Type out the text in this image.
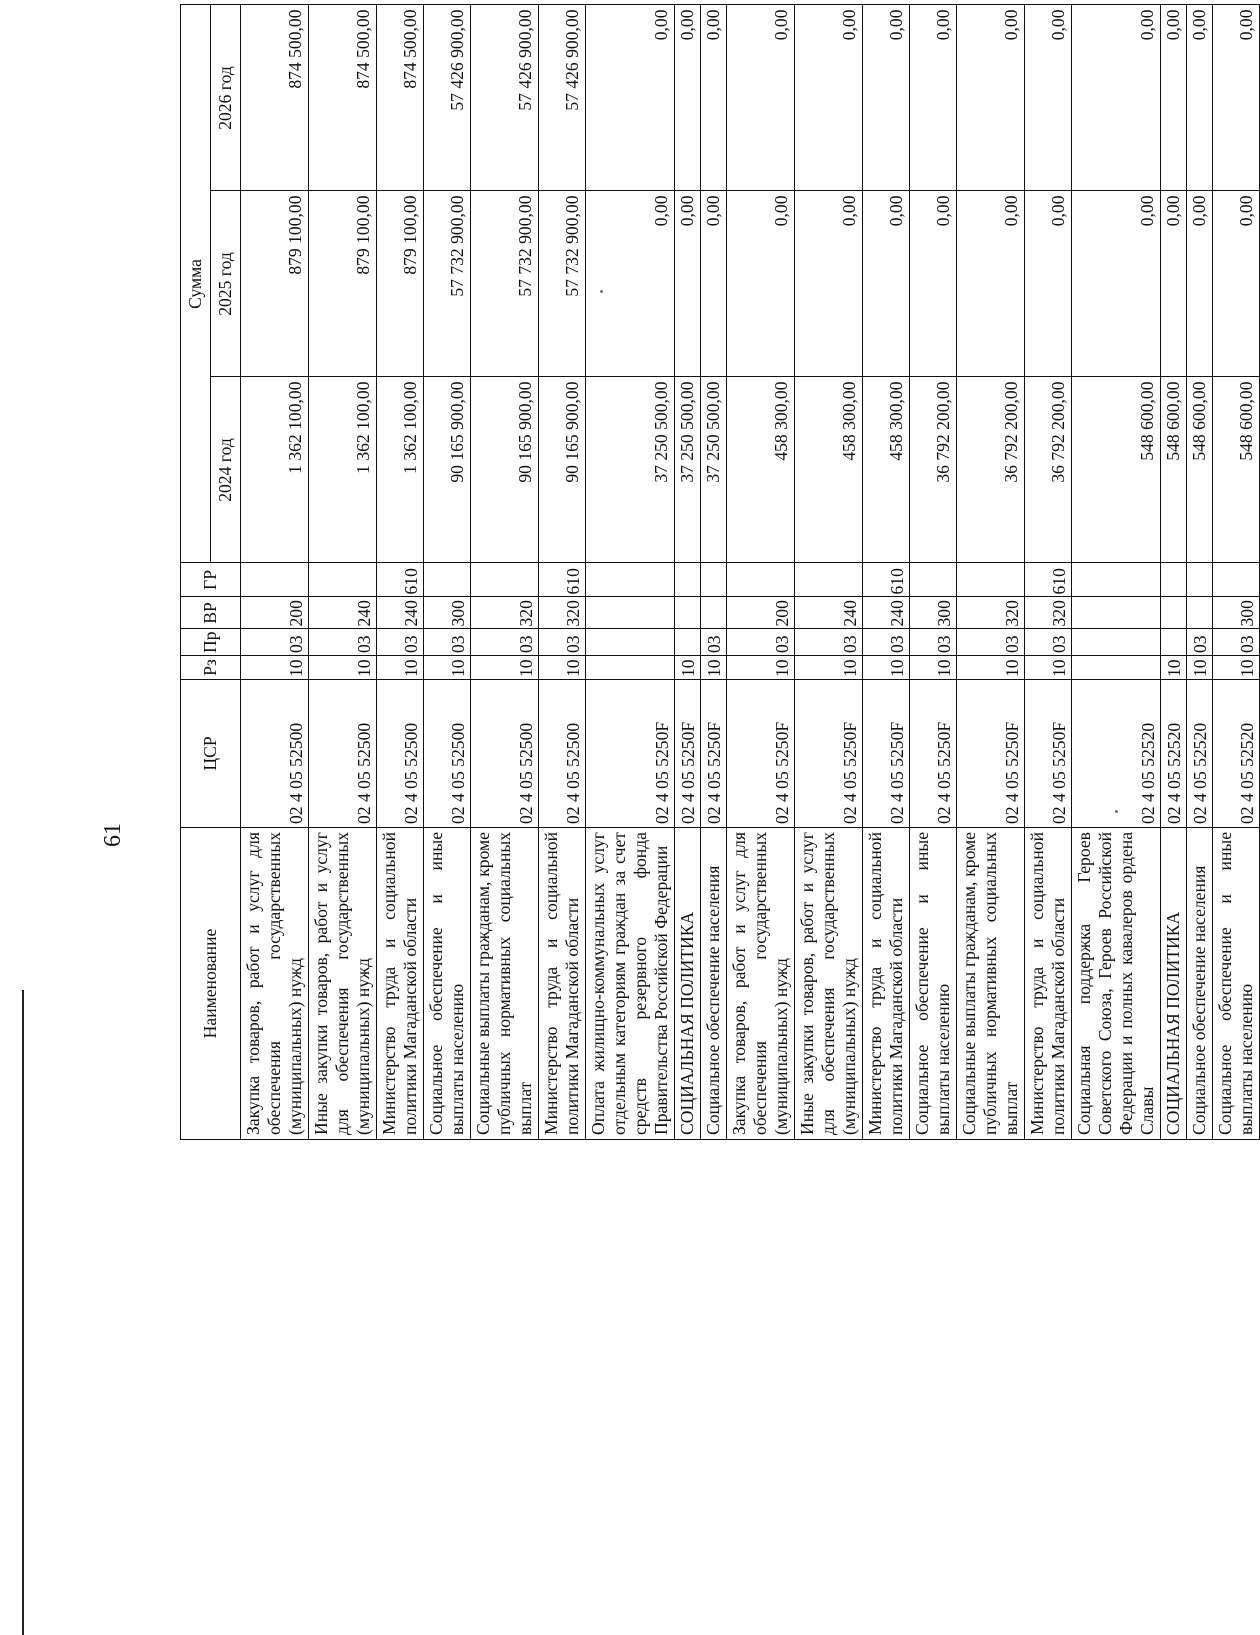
61
Наименование	ЦСР	Рз	Пр	ВР	ГР	Сумма		
						2024 год	2025 год	2026 год
Закупка товаров, работ и услуг для обеспечения государственных (муниципальных) нужд	02 4 05 52500	10	03	200		1 362 100,00	879 100,00	874 500,00
Иные закупки товаров, работ и услуг для обеспечения государственных (муниципальных) нужд	02 4 05 52500	10	03	240		1 362 100,00	879 100,00	874 500,00
Министерство труда и социальной политики Магаданской области	02 4 05 52500	10	03	240	610	1 362 100,00	879 100,00	874 500,00
Социальное обеспечение и иные выплаты населению	02 4 05 52500	10	03	300		90 165 900,00	57 732 900,00	57 426 900,00
Социальные выплаты гражданам, кроме публичных нормативных социальных выплат	02 4 05 52500	10	03	320		90 165 900,00	57 732 900,00	57 426 900,00
Министерство труда и социальной политики Магаданской области	02 4 05 52500	10	03	320	610	90 165 900,00	57 732 900,00	57 426 900,00
Оплата жилищно-коммунальных услуг отдельным категориям граждан за счет средств резервного фонда Правительства Российской Федерации	02 4 05 5250F					37 250 500,00	0,00	0,00
СОЦИАЛЬНАЯ ПОЛИТИКА	02 4 05 5250F	10				37 250 500,00	0,00	0,00
Социальное обеспечение населения	02 4 05 5250F	10	03			37 250 500,00	0,00	0,00
Закупка товаров, работ и услуг для обеспечения государственных (муниципальных) нужд	02 4 05 5250F	10	03	200		458 300,00	0,00	0,00
Иные закупки товаров, работ и услуг для обеспечения государственных (муниципальных) нужд	02 4 05 5250F	10	03	240		458 300,00	0,00	0,00
Министерство труда и социальной политики Магаданской области	02 4 05 5250F	10	03	240	610	458 300,00	0,00	0,00
Социальное обеспечение и иные выплаты населению	02 4 05 5250F	10	03	300		36 792 200,00	0,00	0,00
Социальные выплаты гражданам, кроме публичных нормативных социальных выплат	02 4 05 5250F	10	03	320		36 792 200,00	0,00	0,00
Министерство труда и социальной политики Магаданской области	02 4 05 5250F	10	03	320	610	36 792 200,00	0,00	0,00
Социальная поддержка Героев Советского Союза, Героев Российской Федерации и полных кавалеров ордена Славы	02 4 05 52520					548 600,00	0,00	0,00
СОЦИАЛЬНАЯ ПОЛИТИКА	02 4 05 52520	10				548 600,00	0,00	0,00
Социальное обеспечение населения	02 4 05 52520	10	03			548 600,00	0,00	0,00
Социальное обеспечение и иные выплаты населению	02 4 05 52520	10	03	300		548 600,00	0,00	0,00
